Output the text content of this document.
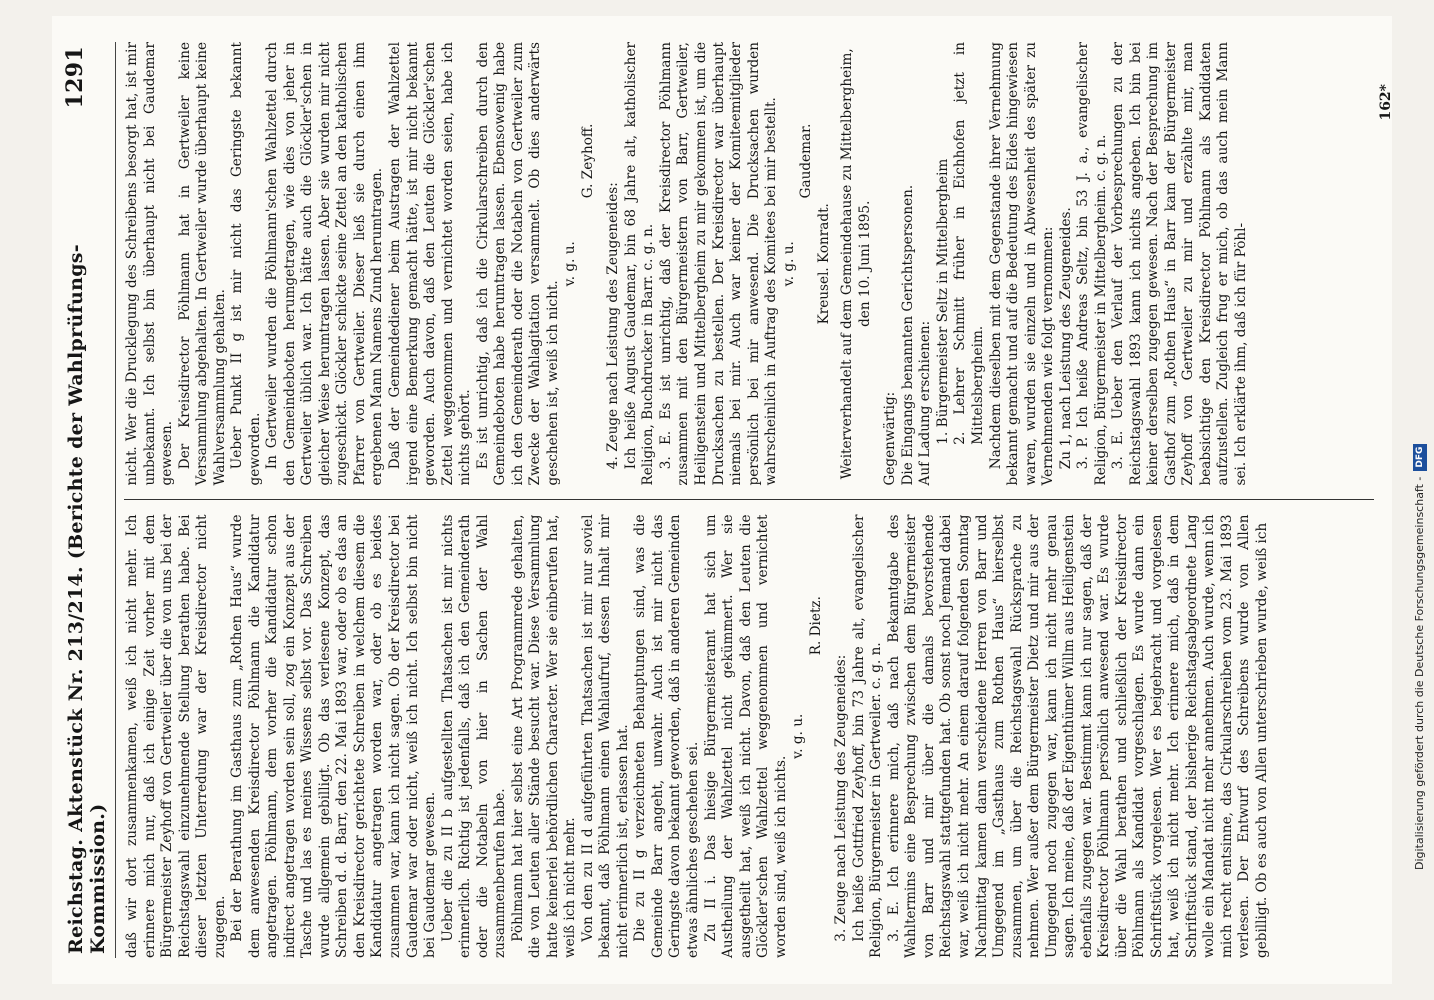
Reichstag. Aktenstück Nr. 213/214. (Berichte der Wahlprüfungs-Kommission.)
1291

daß wir dort zusammenkamen, weiß ich nicht mehr. Ich erinnere mich nur, daß ich einige Zeit vorher mit dem Bürgermeister Zeyhoff von Gertweiler über die von uns bei der Reichstagswahl einzunehmende Stellung berathen habe. Bei dieser letzten Unterredung war der Kreisdirector nicht zugegen. Bei der Berathung im Gasthaus zum „Rothen Haus“ wurde dem anwesenden Kreisdirector Pöhlmann die Kandidatur angetragen. Pöhlmann, dem vorher die Kandidatur schon indirect angetragen worden sein soll, zog ein Konzept aus der Tasche und las es meines Wissens selbst vor. Das Schreiben wurde allgemein gebilligt. Ob das verlesene Konzept, das Schreiben d. d. Barr, den 22. Mai 1893 war, oder ob es das an den Kreisdirector gerichtete Schreiben in welchem diesem die Kandidatur angetragen worden war, oder ob es beides zusammen war, kann ich nicht sagen. Ob der Kreisdirector bei Gaudemar war oder nicht, weiß ich nicht. Ich selbst bin nicht bei Gaudemar gewesen. Ueber die zu II b aufgestellten Thatsachen ist mir nichts erinnerlich. Richtig ist jedenfalls, daß ich den Gemeinderath oder die Notabeln von hier in Sachen der Wahl zusammenberufen habe. Pöhlmann hat hier selbst eine Art Programmrede gehalten, die von Leuten aller Stände besucht war. Diese Versammlung hatte keinerlei behördlichen Character. Wer sie einberufen hat, weiß ich nicht mehr. Von den zu II d aufgeführten Thatsachen ist mir nur soviel bekannt, daß Pöhlmann einen Wahlaufruf, dessen Inhalt mir nicht erinnerlich ist, erlassen hat. Die zu II g verzeichneten Behauptungen sind, was die Gemeinde Barr angeht, unwahr. Auch ist mir nicht das Geringste davon bekannt geworden, daß in anderen Gemeinden etwas ähnliches geschehen sei. Zu II i. Das hiesige Bürgermeisteramt hat sich um Austheilung der Wahlzettel nicht gekümmert. Wer sie ausgetheilt hat, weiß ich nicht. Davon, daß den Leuten die Glöckler'schen Wahlzettel weggenommen und vernichtet worden sind, weiß ich nichts.

v. g. u.

R. Dietz.

3. Zeuge nach Leistung des Zeugeneides: Ich heiße Gottfried Zeyhoff, bin 73 Jahre alt, evangelischer Religion, Bürgermeister in Gertweiler. c. g. n. 3. E. Ich erinnere mich, daß nach Bekanntgabe des Wahltermins eine Besprechung zwischen dem Bürgermeister von Barr und mir über die damals bevorstehende Reichstagswahl stattgefunden hat. Ob sonst noch Jemand dabei war, weiß ich nicht mehr. An einem darauf folgenden Sonntag Nachmittag kamen dann verschiedene Herren von Barr und Umgegend im „Gasthaus zum Rothen Haus“ hierselbst zusammen, um über die Reichstagswahl Rücksprache zu nehmen. Wer außer dem Bürgermeister Dietz und mir aus der Umgegend noch zugegen war, kann ich nicht mehr genau sagen. Ich meine, daß der Eigenthümer Willm aus Heiligenstein ebenfalls zugegen war. Bestimmt kann ich nur sagen, daß der Kreisdirector Pöhlmann persönlich anwesend war. Es wurde über die Wahl berathen und schließlich der Kreisdirector Pöhlmann als Kandidat vorgeschlagen. Es wurde dann ein Schriftstück vorgelesen. Wer es beigebracht und vorgelesen hat, weiß ich nicht mehr. Ich erinnere mich, daß in dem Schriftstück stand, der bisherige Reichstagsabgeordnete Lang wolle ein Mandat nicht mehr annehmen. Auch wurde, wenn ich mich recht entsinne, das Cirkularschreiben vom 23. Mai 1893 verlesen. Der Entwurf des Schreibens wurde von Allen gebilligt. Ob es auch von Allen unterschrieben wurde, weiß ich

nicht. Wer die Drucklegung des Schreibens besorgt hat, ist mir unbekannt. Ich selbst bin überhaupt nicht bei Gaudemar gewesen. Der Kreisdirector Pöhlmann hat in Gertweiler keine Versammlung abgehalten. In Gertweiler wurde überhaupt keine Wahlversammlung gehalten. Ueber Punkt II g ist mir nicht das Geringste bekannt geworden. In Gertweiler wurden die Pöhlmann'schen Wahlzettel durch den Gemeindeboten herumgetragen, wie dies von jeher in Gertweiler üblich war. Ich hätte auch die Glöckler'schen in gleicher Weise herumtragen lassen. Aber sie wurden mir nicht zugeschickt. Glöckler schickte seine Zettel an den katholischen Pfarrer von Gertweiler. Dieser ließ sie durch einen ihm ergebenen Mann Namens Zund herumtragen. Daß der Gemeindediener beim Austragen der Wahlzettel irgend eine Bemerkung gemacht hätte, ist mir nicht bekannt geworden. Auch davon, daß den Leuten die Glöckler'schen Zettel weggenommen und vernichtet worden seien, habe ich nichts gehört. Es ist unrichtig, daß ich die Cirkularschreiben durch den Gemeindeboten habe herumtragen lassen. Ebensowenig habe ich den Gemeinderath oder die Notabeln von Gertweiler zum Zwecke der Wahlagitation versammelt. Ob dies anderwärts geschehen ist, weiß ich nicht.

v. g. u.

G. Zeyhoff.

4. Zeuge nach Leistung des Zeugeneides: Ich heiße August Gaudemar, bin 68 Jahre alt, katholischer Religion, Buchdrucker in Barr. c. g. n. 3. E. Es ist unrichtig, daß der Kreisdirector Pöhlmann zusammen mit den Bürgermeistern von Barr, Gertweiler, Heiligenstein und Mittelbergheim zu mir gekommen ist, um die Drucksachen zu bestellen. Der Kreisdirector war überhaupt niemals bei mir. Auch war keiner der Komiteemitglieder persönlich bei mir anwesend. Die Drucksachen wurden wahrscheinlich in Auftrag des Komitees bei mir bestellt. v. g. u.

Gaudemar.

Kreusel. Konradt. Weiterverhandelt auf dem Gemeindehause zu Mittelbergheim, den 10. Juni 1895.

Gegenwärtig: Die Eingangs benannten Gerichtspersonen. Auf Ladung erschienen: 1. Bürgermeister Seltz in Mittelbergheim 2. Lehrer Schmitt früher in Eichhofen jetzt in Mittelsbergheim. Nachdem dieselben mit dem Gegenstande ihrer Vernehmung bekannt gemacht und auf die Bedeutung des Eides hingewiesen waren, wurden sie einzeln und in Abwesenheit des später zu Vernehmenden wie folgt vernommen: Zu 1, nach Leistung des Zeugeneides. 3. P. Ich heiße Andreas Seltz, bin 53 J. a., evangelischer Religion, Bürgermeister in Mittelbergheim. c. g. n. 3. E. Ueber den Verlauf der Vorbesprechungen zu der Reichstagswahl 1893 kann ich nichts angeben. Ich bin bei keiner derselben zugegen gewesen. Nach der Besprechung im Gasthof zum „Rothen Haus“ in Barr kam der Bürgermeister Zeyhoff von Gertweiler zu mir und erzählte mir, man beabsichtige den Kreisdirector Pöhlmann als Kandidaten aufzustellen. Zugleich frug er mich, ob das auch mein Mann sei. Ich erklärte ihm, daß ich für Pöhl-

162*
Digitalisierung gefördert durch die Deutsche Forschungsgemeinschaft -
DFG
